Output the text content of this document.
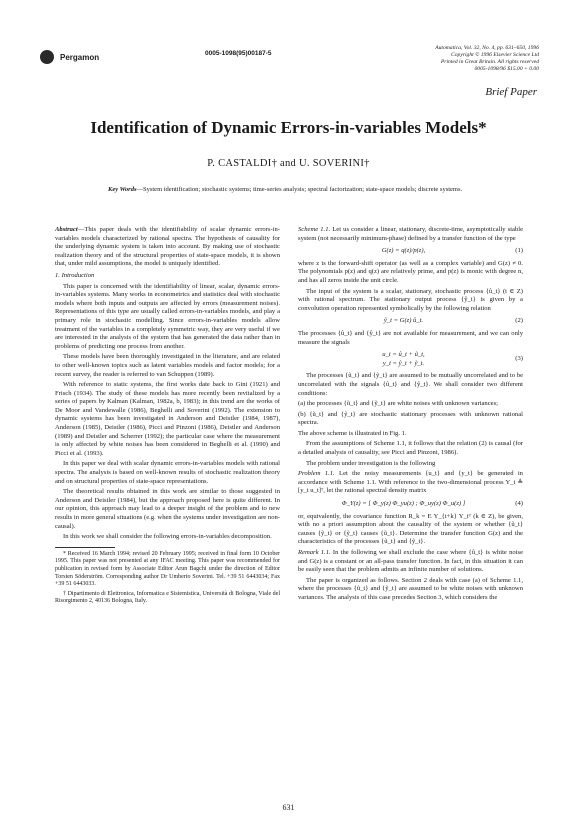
Pergamon	0005-1098(95)00187-5
Automatica, Vol. 32, No. 4, pp. 631–650, 1996
Copyright © 1996 Elsevier Science Ltd
Printed in Great Britain. All rights reserved
0005-1098/96 $15.00 + 0.00
Brief Paper
Identification of Dynamic Errors-in-variables Models*
P. CASTALDI† and U. SOVERINI†
Key Words—System identification; stochastic systems; time-series analysis; spectral factorization; state-space models; discrete systems.

Abstract—This paper deals with the identifiability of scalar dynamic errors-in-variables models characterized by rational spectra. The hypothesis of causality for the underlying dynamic system is taken into account. By making use of stochastic realization theory and of the structural properties of state-space models, it is shown that, under mild assumptions, the model is uniquely identified.

1. Introduction

This paper is concerned with the identifiability of linear, scalar, dynamic errors-in-variables systems. Many works in econometrics and statistics deal with stochastic models where both inputs and outputs are affected by errors (measurement noises). Representations of this type are usually called errors-in-variables models, and play a primary role in stochastic modelling. Since errors-in-variables models allow treatment of the variables in a completely symmetric way, they are very useful if we are interested in the analysis of the system that has generated the data rather than in problems of predicting one process from another.

These models have been thoroughly investigated in the literature, and are related to other well-known topics such as latent variables models and factor models; for a recent survey, the reader is referred to van Schuppen (1989).

With reference to static systems, the first works date back to Gini (1921) and Frisch (1934). The study of these models has more recently been revitalized by a series of papers by Kalman (Kalman, 1982a, b, 1983); in this trend are the works of De Moor and Vandewalle (1986), Beghelli and Soverini (1992). The extension to dynamic systems has been investigated in Anderson and Deistler (1984, 1987), Anderson (1985), Deistler (1986), Picci and Pinzoni (1986), Deistler and Anderson (1989) and Deistler and Scherrer (1992); the particular case where the measurement is only affected by white noises has been considered in Beghelli et al. (1990) and Picci et al. (1993).

In this paper we deal with scalar dynamic errors-in-variables models with rational spectra. The analysis is based on well-known results of stochastic realization theory and on structural properties of state-space representations.

The theoretical results obtained in this work are similar to those suggested in Anderson and Deistler (1984), but the approach proposed here is quite different. In our opinion, this approach may lead to a deeper insight of the problem and to new results in more general situations (e.g. when the systems under investigation are non-causal).

In this work we shall consider the following errors-in-variables decomposition.

* Received 16 March 1994; revised 20 February 1995; received in final form 10 October 1995. This paper was not presented at any IFAC meeting. This paper was recommended for publication in revised form by Associate Editor Arun Bagchi under the direction of Editor Torsten Söderström. Corresponding author Dr Umberto Soverini. Tel. +39 51 6443034; Fax +39 51 6443033.

† Dipartimento di Elettronica, Informatica e Sistemistica, Università di Bologna, Viale del Risorgimento 2, 40136 Bologna, Italy.

Scheme 1.1. Let us consider a linear, stationary, discrete-time, asymptotically stable system (not necessarily minimum-phase) defined by a transfer function of the type

G(z) = q(z)/p(z),	(1)

where z is the forward-shift operator (as well as a complex variable) and G(z) ≠ 0. The polynomials p(z) and q(z) are relatively prime, and p(z) is monic with degree n, and has all zeros inside the unit circle.

The input of the system is a scalar, stationary, stochastic process {û_t} (t ∈ Z) with rational spectrum. The stationary output process {ŷ_t} is given by a convolution operation represented symbolically by the following relation

ŷ_t = G(z) û_t.	(2)

The processes {û_t} and {ŷ_t} are not available for measurement, and we can only measure the signals

u_t = û_t + ũ_t,
y_t = ŷ_t + ỹ_t.
(3)

The processes {ũ_t} and {ỹ_t} are assumed to be mutually uncorrelated and to be uncorrelated with the signals {û_t} and {ŷ_t}. We shall consider two different conditions:

(a) the processes {ũ_t} and {ỹ_t} are white noises with unknown variances;

(b) {ũ_t} and {ỹ_t} are stochastic stationary processes with unknown rational spectra.

The above scheme is illustrated in Fig. 1.

From the assumptions of Scheme 1.1, it follows that the relation (2) is causal (for a detailed analysis of causality, see Picci and Pinzoni, 1986).

The problem under investigation is the following

Problem 1.1. Let the noisy measurements {u_t} and {y_t} be generated in accordance with Scheme 1.1. With reference to the two-dimensional process Y_t ≜ [y_t u_t]ᵀ, let the rational spectral density matrix

Φ_Y(z) = [ Φ_y(z) Φ_yu(z) ; Φ_uy(z) Φ_u(z) ]	(4)

or, equivalently, the covariance function R_k = E Y_{t+k} Y_tᵀ (k ∈ Z), be given, with no a priori assumption about the causality of the system or whether {ũ_t} causes {ỹ_t} or {ỹ_t} causes {ũ_t}. Determine the transfer function G(z) and the characteristics of the processes {ũ_t} and {ỹ_t}.

Remark 1.1. In the following we shall exclude the case where {û_t} is white noise and G(z) is a constant or an all-pass transfer function. In fact, in this situation it can be easily seen that the problem admits an infinite number of solutions.

The paper is organized as follows. Section 2 deals with case (a) of Scheme 1.1, where the processes {ũ_t} and {ỹ_t} are assumed to be white noises with unknown variances. The analysis of this case precedes Section 3, which considers the

631
